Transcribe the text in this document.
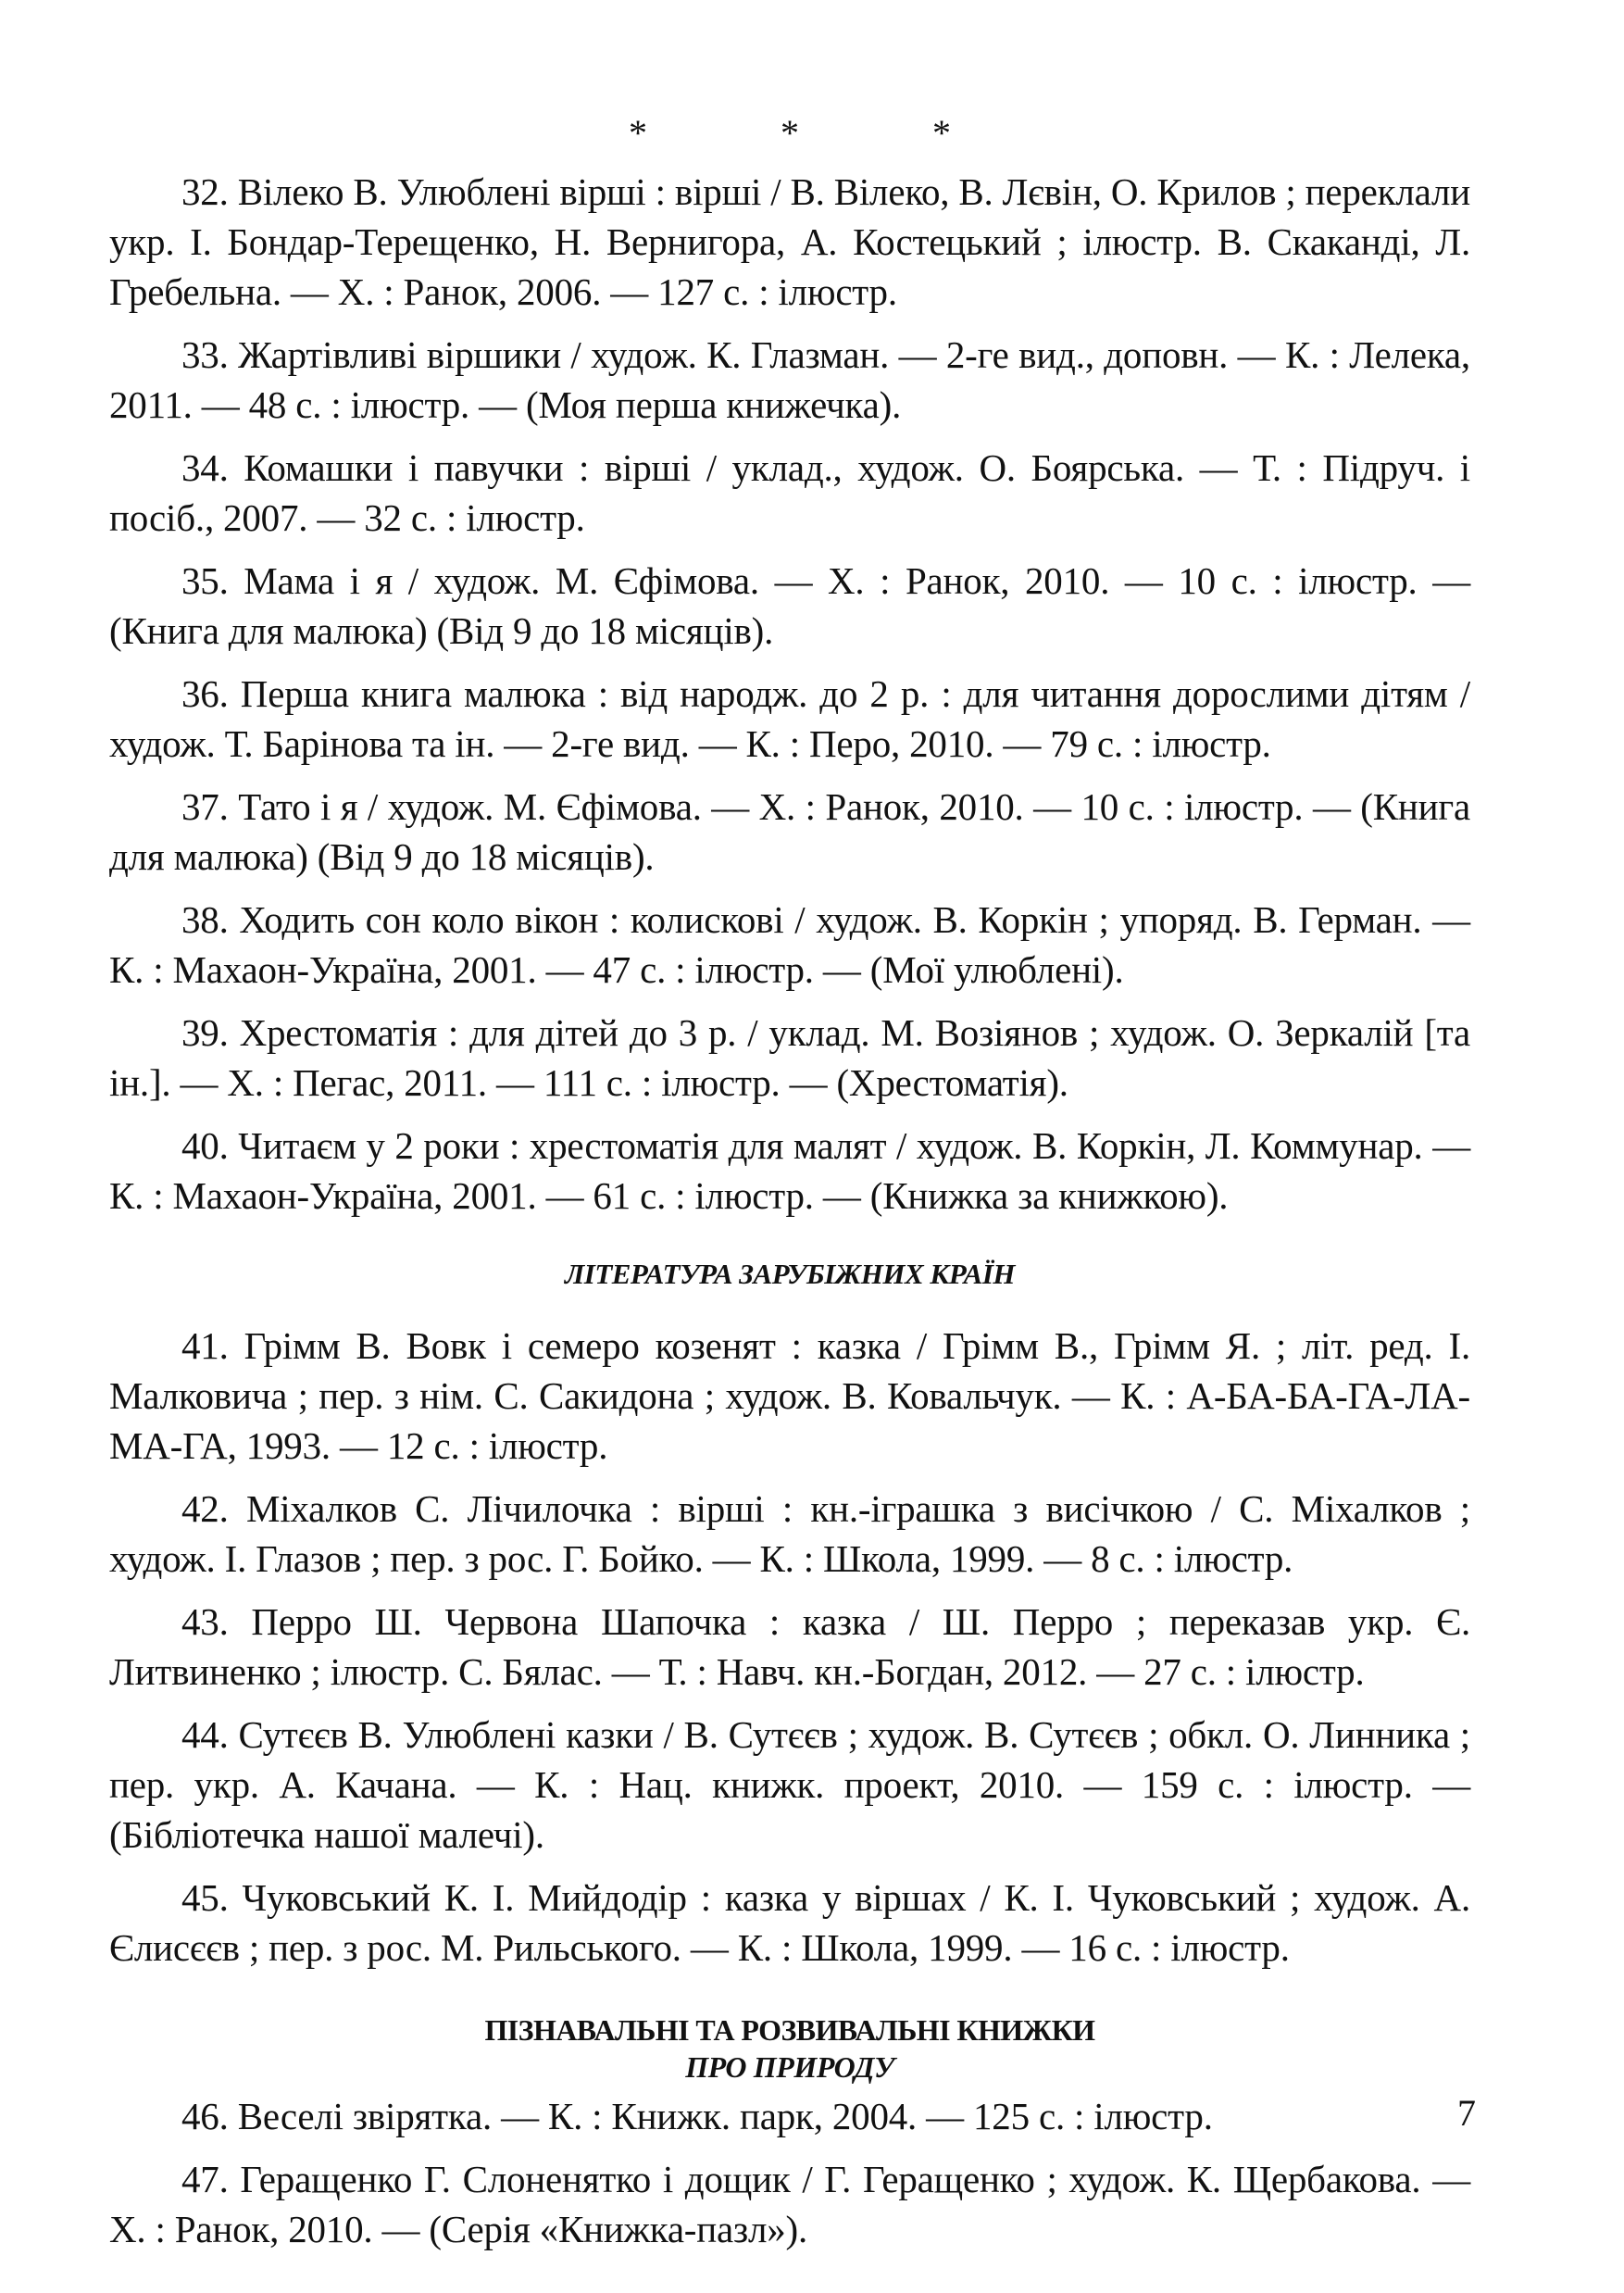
*	*	*

32. Вілеко В. Улюблені вірші : вірші / В. Вілеко, В. Лєвін, О. Крилов ; переклали укр. І. Бондар-Терещенко, Н. Вернигора, А. Костецький ; ілюстр. В. Скаканді, Л. Гребельна. — Х. : Ранок, 2006. — 127 с. : ілюстр.

33. Жартівливі віршики / худож. К. Глазман. — 2-ге вид., доповн. — К. : Лелека, 2011. — 48 с. : ілюстр. — (Моя перша книжечка).

34. Комашки і павучки : вірші / уклад., худож. О. Боярська. — Т. : Підруч. і посіб., 2007. — 32 с. : ілюстр.

35. Мама і я / худож. М. Єфімова. — Х. : Ранок, 2010. — 10 с. : ілюстр. — (Книга для малюка) (Від 9 до 18 місяців).

36. Перша книга малюка : від народж. до 2 р. : для читання дорослими дітям / худож. Т. Барінова та ін. — 2-ге вид. — К. : Перо, 2010. — 79 с. : ілюстр.

37. Тато і я / худож. М. Єфімова. — Х. : Ранок, 2010. — 10 с. : ілюстр. — (Книга для малюка) (Від 9 до 18 місяців).

38. Ходить сон коло вікон : колискові / худож. В. Коркін ; упоряд. В. Герман. — К. : Махаон-Україна, 2001. — 47 с. : ілюстр. — (Мої улюблені).

39. Хрестоматія : для дітей до 3 р. / уклад. М. Возіянов ; худож. О. Зеркалій [та ін.]. — Х. : Пегас, 2011. — 111 с. : ілюстр. — (Хрестоматія).

40. Читаєм у 2 роки : хрестоматія для малят / худож. В. Коркін, Л. Коммунар. — К. : Махаон-Україна, 2001. — 61 с. : ілюстр. — (Книжка за книжкою).

ЛІТЕРАТУРА ЗАРУБІЖНИХ КРАЇН

41. Грімм В. Вовк і семеро козенят : казка / Грімм В., Грімм Я. ; літ. ред. І. Малковича ; пер. з нім. С. Сакидона ; худож. В. Ковальчук. — К. : А-БА-БА-ГА-ЛА-МА-ГА, 1993. — 12 с. : ілюстр.

42. Міхалков С. Лічилочка : вірші : кн.-іграшка з висічкою / С. Міхалков ; худож. І. Глазов ; пер. з рос. Г. Бойко. — К. : Школа, 1999. — 8 с. : ілюстр.

43. Перро Ш. Червона Шапочка : казка / Ш. Перро ; переказав укр. Є. Литвиненко ; ілюстр. С. Бялас. — Т. : Навч. кн.-Богдан, 2012. — 27 с. : ілюстр.

44. Сутєєв В. Улюблені казки / В. Сутєєв ; худож. В. Сутєєв ; обкл. О. Линника ; пер. укр. А. Качана. — К. : Нац. книжк. проект, 2010. — 159 с. : ілюстр. — (Бібліотечка нашої малечі).

45. Чуковський К. І. Мийдодір : казка у віршах / К. І. Чуковський ; худож. А. Єлисєєв ; пер. з рос. М. Рильського. — К. : Школа, 1999. — 16 с. : ілюстр.

ПІЗНАВАЛЬНІ ТА РОЗВИВАЛЬНІ КНИЖКИ
ПРО ПРИРОДУ

46. Веселі звірятка. — К. : Книжк. парк, 2004. — 125 с. : ілюстр.

47. Геращенко Г. Слоненятко і дощик / Г. Геращенко ; худож. К. Щербакова. — Х. : Ранок, 2010. — (Серія «Книжка-пазл»).

7
